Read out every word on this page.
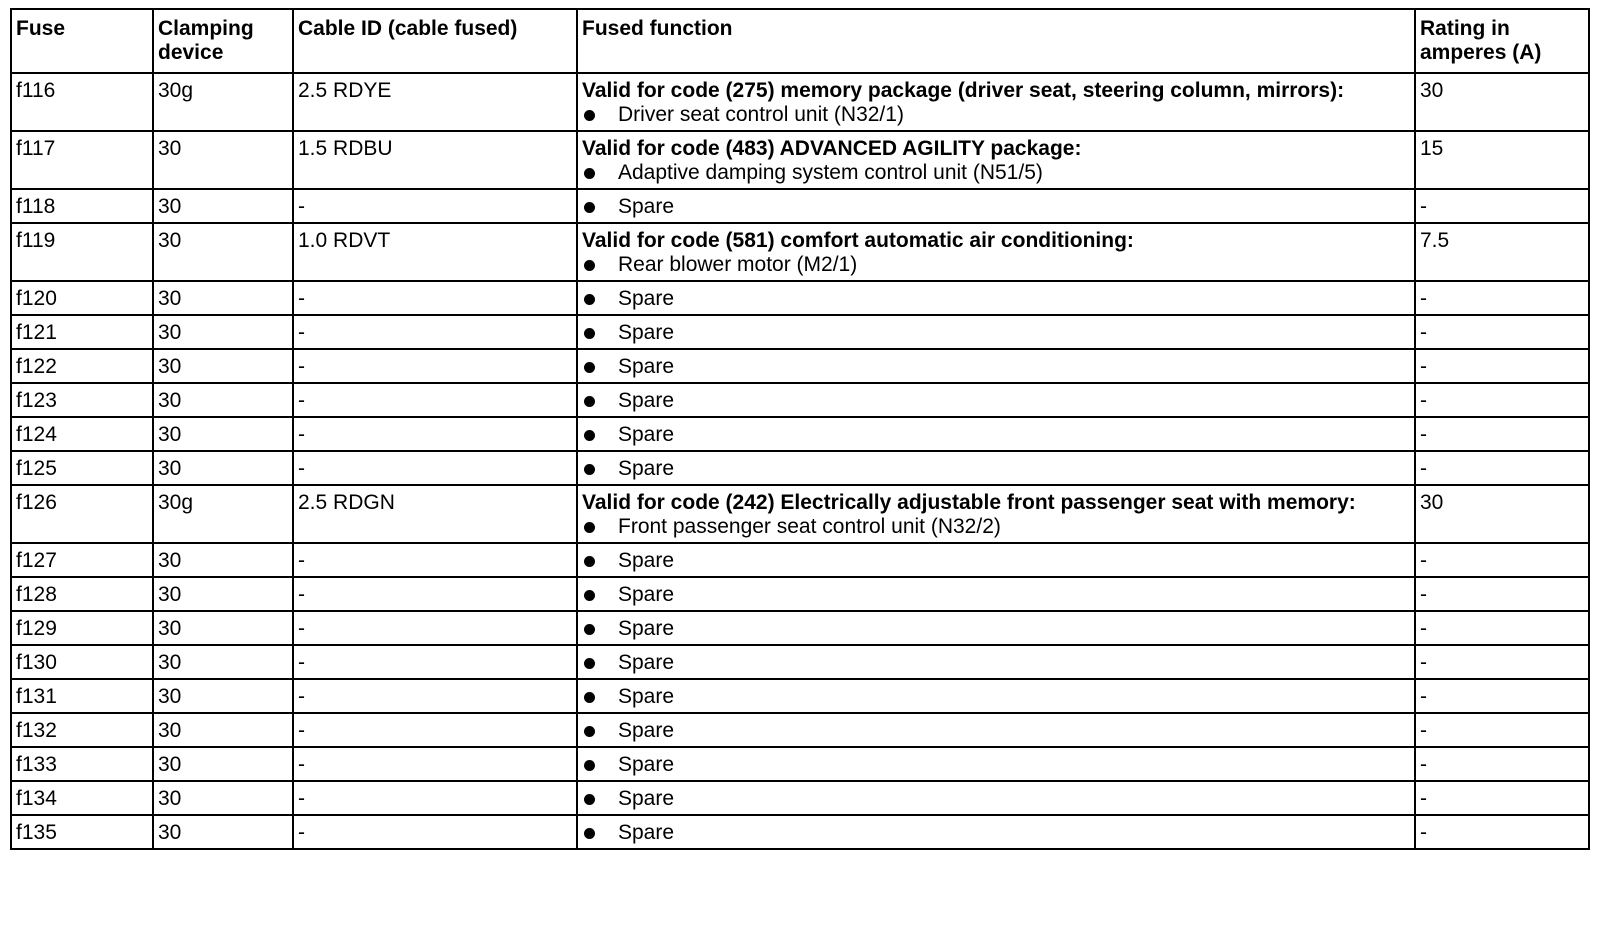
Fuse	Clamping device	Cable ID (cable fused)	Fused function	Rating in amperes (A)
f116	30g	2.5 RDYE	Valid for code (275) memory package (driver seat, steering column, mirrors):
Driver seat control unit (N32/1)	30
f117	30	1.5 RDBU	Valid for code (483) ADVANCED AGILITY package:
Adaptive damping system control unit (N51/5)	15
f118	30	-	Spare	-
f119	30	1.0 RDVT	Valid for code (581) comfort automatic air conditioning:
Rear blower motor (M2/1)	7.5
f120	30	-	Spare	-
f121	30	-	Spare	-
f122	30	-	Spare	-
f123	30	-	Spare	-
f124	30	-	Spare	-
f125	30	-	Spare	-
f126	30g	2.5 RDGN	Valid for code (242) Electrically adjustable front passenger seat with memory:
Front passenger seat control unit (N32/2)	30
f127	30	-	Spare	-
f128	30	-	Spare	-
f129	30	-	Spare	-
f130	30	-	Spare	-
f131	30	-	Spare	-
f132	30	-	Spare	-
f133	30	-	Spare	-
f134	30	-	Spare	-
f135	30	-	Spare	-
